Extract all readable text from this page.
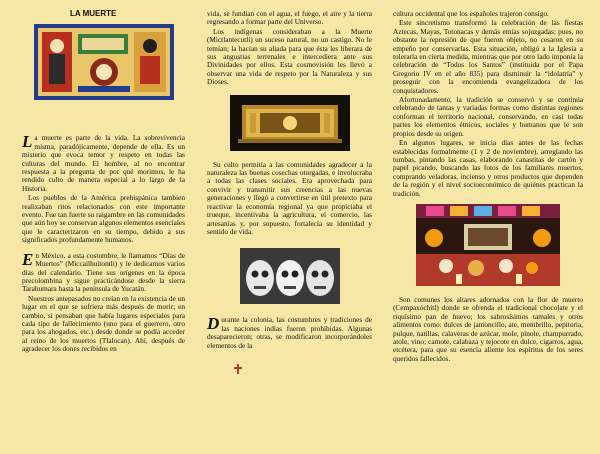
LA MUERTE

La muerte es parte de la vida. La sobrevivencia misma, paradójicamente, depende de ella. Es un misterio que evoca temor y respeto en todas las culturas del mundo. El hombre, al no encontrar respuesta a la pregunta de por qué morimos, le ha rendido culto de manera especial a lo largo de la Historia.

Los pueblos de la América prehispánica tambien realizaban ritos relacionados con este importante evento. Fue tan fuerte su raigambre en las comunidades que aún hoy se conservan algunos elementos esenciales que le caracterizaron en su tiempo, debido a sus significados profundamente humanos.

En México, a esta costumbre, le llamamos “Días de Muertos” (Miccailhuitontli) y le dedicamos varios días del calendario. Tiene sus orígenes en la época precolombina y sigue practicándose desde la sierra Tarahumara hasta la península de Yucatán.

Nuestros antepasados no creían en la existencia de un lugar en el que se sufriera más después de morir; en cambio, si pensaban que había lugares especiales para cada tipo de fallecimiento (uno para el guerrero, otro para los ahogados, etc.) desde donde se podía acceder al reino de los muertos (Tlalocan). Ahí, después de agradecer los dones recibidos en

vida, se fundían con el agua, el fuego, el aire y la tierra regresando a formar parte del Universo.

Los indígenas consideraban a la Muerte (Mictlantecutli) un suceso natural, no un castigo. No le temían; la hacían su aliada para que ésta les liberara de sus angustias terrenales e intercediera ante sus Divinidades por ellos. Esta cosmovisión les llevó a observar una vida de respeto por la Naturaleza y sus Dioses.

Su culto permitía a las comunidades agradecer a la naturaleza las buenas cosechas otorgadas, e involucraba a todas las clases sociales. Era aprovechada para convivir y transmitir sus creencias a las nuevas generaciones y llegó a convertirse en útil pretexto para reactivar la economía regional ya que propiciaba el trueque, incentivaba la agricultura, el comercio, las artesanías y, por supuesto, fortalecía su identidad y sentido de vida.

Durante la colonia, las costumbres y tradiciones de las naciones indias fueron prohibidas. Algunas desaparecieron; otras, se modificaron incorporándoles elementos de la

cultura occidental que los españoles trajeron consigo.

Este sincretismo transformó la celebración de las fiestas Aztecas, Mayas, Totonacas y demás etnias sojuzgadas; pues, no obstante la represión de que fueron objeto, no cesaron en su empeño por conservarlas. Esta situación, obligó a la Iglesia a tolerarla en cierta medida, mientras que por otro lado imponía la celebración de “Todos los Santos” (instituida por el Papa Gregorio IV en el año 835) para disminuir la “idolatría” y proseguir con la encomienda evangelizadora de los conquistadores.

Afortunadamente, la tradición se conservó y se continúa celebrando de tantas y variadas formas como distintas regiones conforman el territorio nacional, conservando, en casi todas partes los elementos étnicos, sociales y humanos que le son propios desde su origen.

En algunos lugares, se inicia días antes de las fechas establecidas formalmente (1 y 2 de noviembre), arreglando las tumbas, pintando las casas, elaborando canastitas de cartón y papel picando, buscando las fotos de los familiares muertos, comprando veladoras, incienso y otros productos que dependen de la región y el nivel socioeconómico de quiénes practican la tradición.

Son comunes los altares adornados con la flor de muerto (Cempaxóchitl) donde se ofrenda el tradicional chocolate y el riquísimo pan de huevo; los sabrosísimos tamales y otros alimentos como: dulces de jamoncillo, ate, membrillo, pepitoria, pulque, natillas, calaveras de azúcar, mole, pinole, champurrado, atole, vino; camote, calabaza y tejocote en dulce, cigarros, agua, etcétera, para que su esencia aliente los espíritus de los seres queridos fallecidos.
